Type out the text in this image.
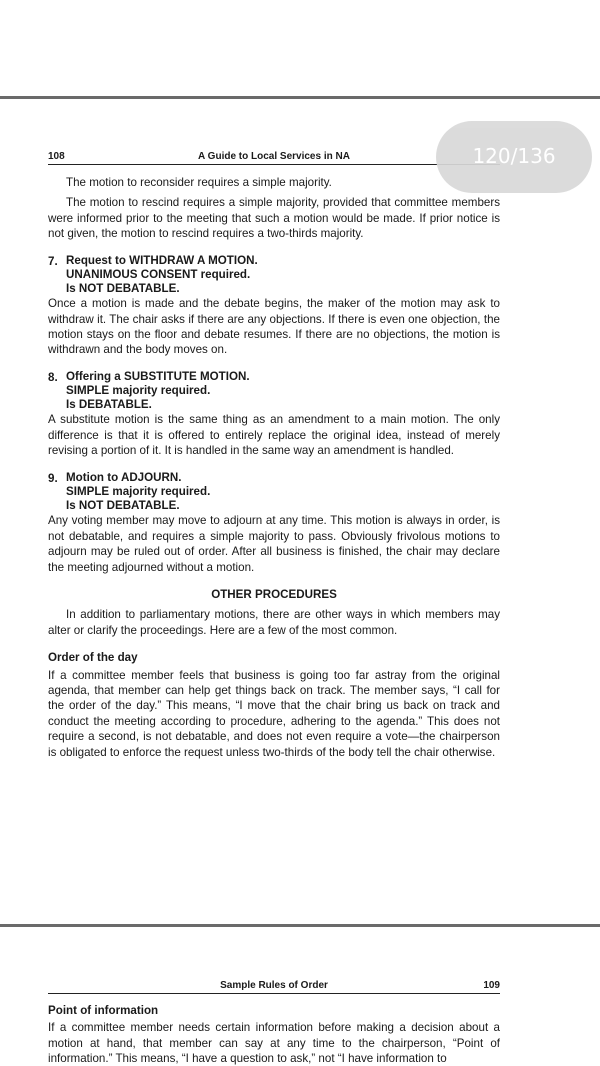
108	A Guide to Local Services in NA

The motion to reconsider requires a simple majority.

The motion to rescind requires a simple majority, provided that committee members were informed prior to the meeting that such a motion would be made. If prior notice is not given, the motion to rescind requires a two-thirds majority.

7. Request to WITHDRAW A MOTION.
UNANIMOUS CONSENT required.
Is NOT DEBATABLE.

Once a motion is made and the debate begins, the maker of the motion may ask to withdraw it. The chair asks if there are any objections. If there is even one objection, the motion stays on the floor and debate resumes. If there are no objections, the motion is withdrawn and the body moves on.

8. Offering a SUBSTITUTE MOTION.
SIMPLE majority required.
Is DEBATABLE.

A substitute motion is the same thing as an amendment to a main motion. The only difference is that it is offered to entirely replace the original idea, instead of merely revising a portion of it. It is handled in the same way an amendment is handled.

9. Motion to ADJOURN.
SIMPLE majority required.
Is NOT DEBATABLE.

Any voting member may move to adjourn at any time. This motion is always in order, is not debatable, and requires a simple majority to pass. Obviously frivolous motions to adjourn may be ruled out of order. After all business is finished, the chair may declare the meeting adjourned without a motion.

OTHER PROCEDURES

In addition to parliamentary motions, there are other ways in which members may alter or clarify the proceedings. Here are a few of the most common.

Order of the day

If a committee member feels that business is going too far astray from the original agenda, that member can help get things back on track. The member says, “I call for the order of the day.” This means, “I move that the chair bring us back on track and conduct the meeting according to procedure, adhering to the agenda.” This does not require a second, is not debatable, and does not even require a vote—the chairperson is obligated to enforce the request unless two-thirds of the body tell the chair otherwise.

Sample Rules of Order	109

Point of information

If a committee member needs certain information before making a decision about a motion at hand, that member can say at any time to the chairperson, “Point of information.” This means, “I have a question to ask,” not “I have information to

120/136
